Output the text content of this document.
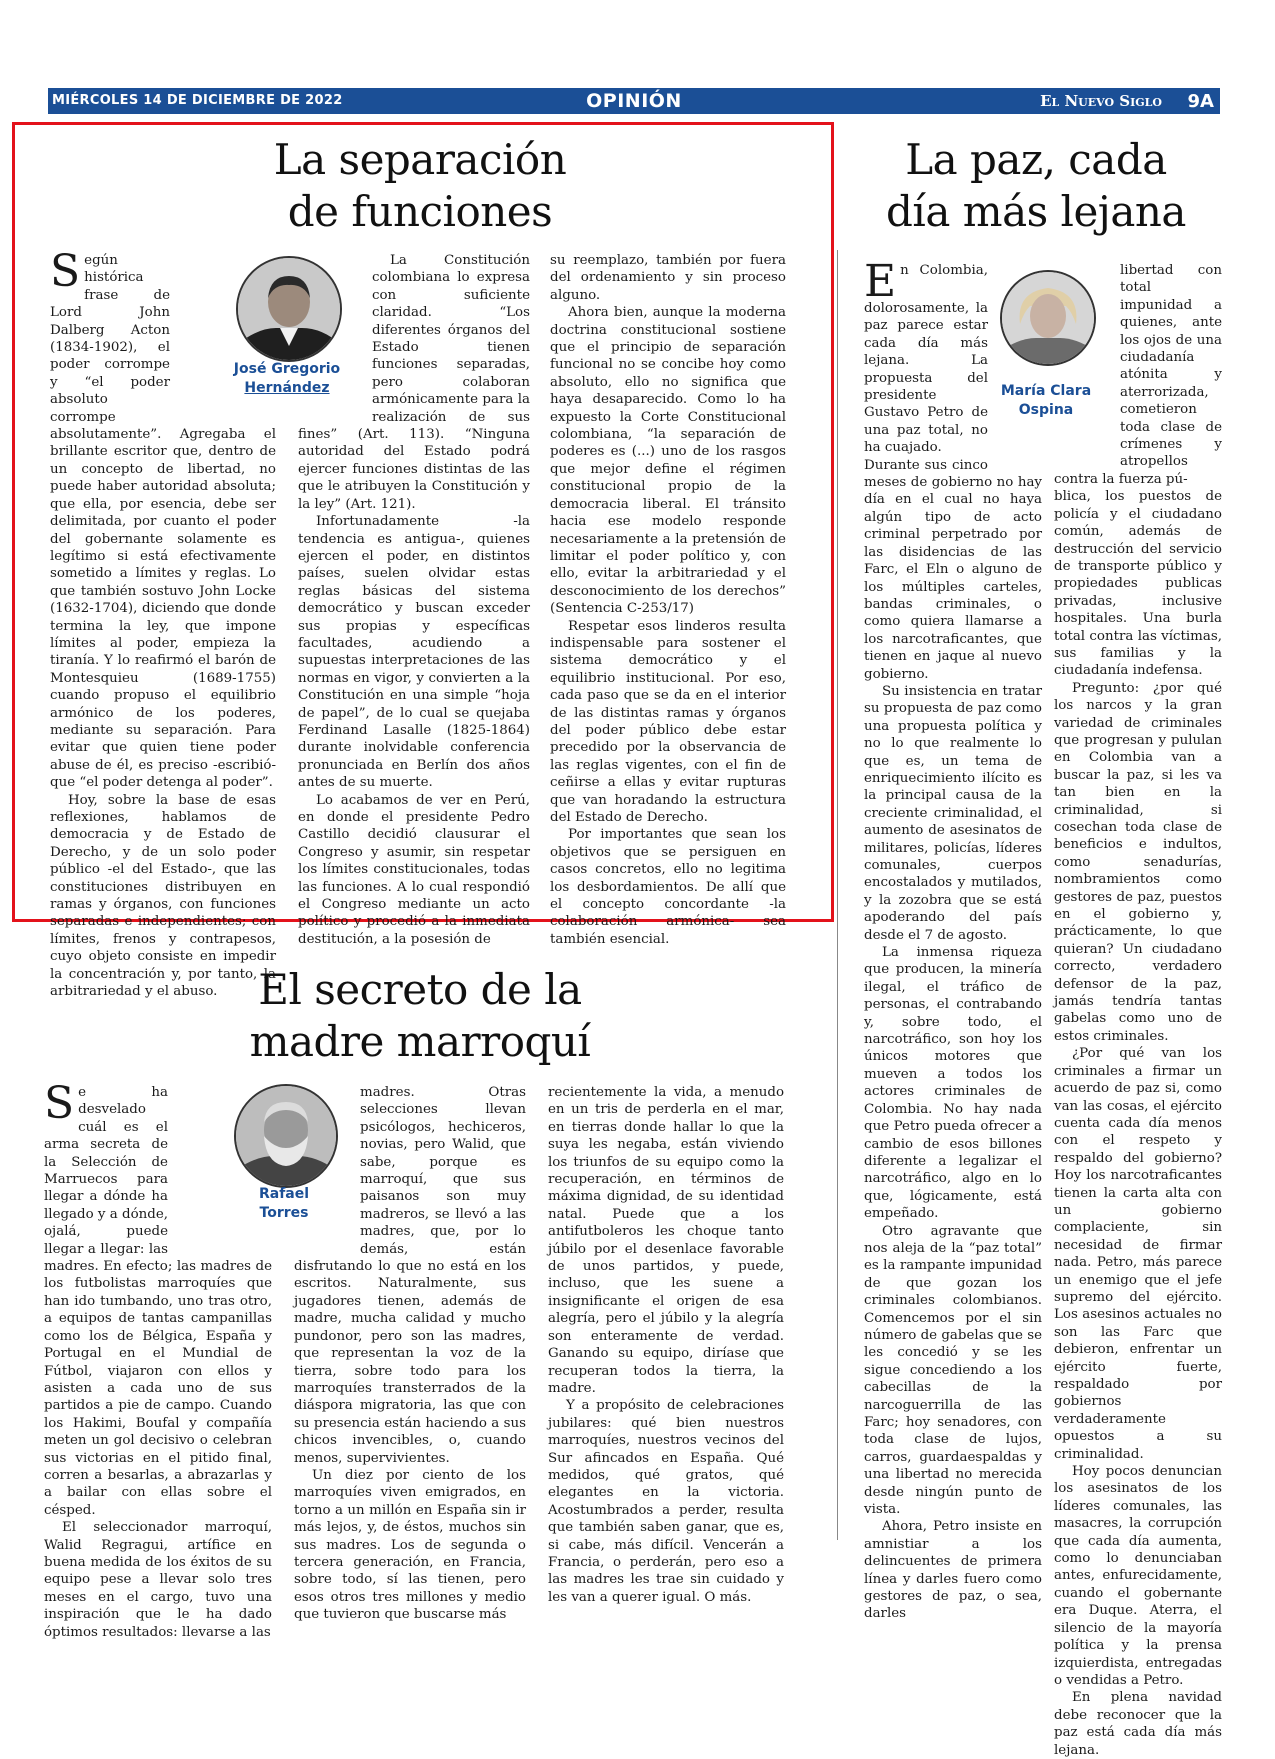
MIÉRCOLES 14 DE DICIEMBRE DE 2022	OPINIÓN	El Nuevo Siglo 9A
La separación
de funciones
José Gregorio
Hernández

Según histórica frase de Lord John Dalberg Acton (1834-1902), el poder corrompe y “el poder absoluto corrompe absolutamente”. Agregaba el brillante escritor que, dentro de un concepto de libertad, no puede haber autoridad absoluta; que ella, por esencia, debe ser delimitada, por cuanto el poder del gobernante solamente es legítimo si está efectivamente sometido a límites y reglas. Lo que también sostuvo John Locke (1632-1704), diciendo que donde termina la ley, que impone límites al poder, empieza la tiranía. Y lo reafirmó el barón de Montesquieu (1689-1755) cuando propuso el equilibrio armónico de los poderes, mediante su separación. Para evitar que quien tiene poder abuse de él, es preciso -escribió- que “el poder detenga al poder”.

Hoy, sobre la base de esas reflexiones, hablamos de democracia y de Estado de Derecho, y de un solo poder público -el del Estado-, que las constituciones distribuyen en ramas y órganos, con funciones separadas e independientes; con límites, frenos y contrapesos, cuyo objeto consiste en impedir la concentración y, por tanto, la arbitrariedad y el abuso.

La Constitución colombiana lo expresa con suficiente claridad. “Los diferentes órganos del Estado tienen funciones separadas, pero colaboran armónicamente para la realización de sus fines” (Art. 113). “Ninguna autoridad del Estado podrá ejercer funciones distintas de las que le atribuyen la Constitución y la ley” (Art. 121).

Infortunadamente -la tendencia es antigua-, quienes ejercen el poder, en distintos países, suelen olvidar estas reglas básicas del sistema democrático y buscan exceder sus propias y específicas facultades, acudiendo a supuestas interpretaciones de las normas en vigor, y convierten a la Constitución en una simple “hoja de papel”, de lo cual se quejaba Ferdinand Lasalle (1825-1864) durante inolvidable conferencia pronunciada en Berlín dos años antes de su muerte.

Lo acabamos de ver en Perú, en donde el presidente Pedro Castillo decidió clausurar el Congreso y asumir, sin respetar los límites constitucionales, todas las funciones. A lo cual respondió el Congreso mediante un acto político y procedió a la inmediata destitución, a la posesión de

su reemplazo, también por fuera del ordenamiento y sin proceso alguno.

Ahora bien, aunque la moderna doctrina constitucional sostiene que el principio de separación funcional no se concibe hoy como absoluto, ello no significa que haya desaparecido. Como lo ha expuesto la Corte Constitucional colombiana, “la separación de poderes es (...) uno de los rasgos que mejor define el régimen constitucional propio de la democracia liberal. El tránsito hacia ese modelo responde necesariamente a la pretensión de limitar el poder político y, con ello, evitar la arbitrariedad y el desconocimiento de los derechos” (Sentencia C-253/17)

Respetar esos linderos resulta indispensable para sostener el sistema democrático y el equilibrio institucional. Por eso, cada paso que se da en el interior de las distintas ramas y órganos del poder público debe estar precedido por la observancia de las reglas vigentes, con el fin de ceñirse a ellas y evitar rupturas que van horadando la estructura del Estado de Derecho.

Por importantes que sean los objetivos que se persiguen en casos concretos, ello no legitima los desbordamientos. De allí que el concepto concordante -la colaboración armónica- sea también esencial.

El secreto de la
madre marroquí
Rafael
Torres

Se ha desvelado cuál es el arma secreta de la Selección de Marruecos para llegar a dónde ha llegado y a dónde, ojalá, puede llegar a llegar: las madres. En efecto; las madres de los futbolistas marroquíes que han ido tumbando, uno tras otro, a equipos de tantas campanillas como los de Bélgica, España y Portugal en el Mundial de Fútbol, viajaron con ellos y asisten a cada uno de sus partidos a pie de campo. Cuando los Hakimi, Boufal y compañía meten un gol decisivo o celebran sus victorias en el pitido final, corren a besarlas, a abrazarlas y a bailar con ellas sobre el césped.

El seleccionador marroquí, Walid Regragui, artífice en buena medida de los éxitos de su equipo pese a llevar solo tres meses en el cargo, tuvo una inspiración que le ha dado óptimos resultados: llevarse a las

madres. Otras selecciones llevan psicólogos, hechiceros, novias, pero Walid, que sabe, porque es marroquí, que sus paisanos son muy madreros, se llevó a las madres, que, por lo demás, están disfrutando lo que no está en los escritos. Naturalmente, sus jugadores tienen, además de madre, mucha calidad y mucho pundonor, pero son las madres, que representan la voz de la tierra, sobre todo para los marroquíes transterrados de la diáspora migratoria, las que con su presencia están haciendo a sus chicos invencibles, o, cuando menos, supervivientes.

Un diez por ciento de los marroquíes viven emigrados, en torno a un millón en España sin ir más lejos, y, de éstos, muchos sin sus madres. Los de segunda o tercera generación, en Francia, sobre todo, sí las tienen, pero esos otros tres millones y medio que tuvieron que buscarse más

recientemente la vida, a menudo en un tris de perderla en el mar, en tierras donde hallar lo que la suya les negaba, están viviendo los triunfos de su equipo como la recuperación, en términos de máxima dignidad, de su identidad natal. Puede que a los antifutboleros les choque tanto júbilo por el desenlace favorable de unos partidos, y puede, incluso, que les suene a insignificante el origen de esa alegría, pero el júbilo y la alegría son enteramente de verdad. Ganando su equipo, diríase que recuperan todos la tierra, la madre.

Y a propósito de celebraciones jubilares: qué bien nuestros marroquíes, nuestros vecinos del Sur afincados en España. Qué medidos, qué gratos, qué elegantes en la victoria. Acostumbrados a perder, resulta que también saben ganar, que es, si cabe, más difícil. Vencerán a Francia, o perderán, pero eso a las madres les trae sin cuidado y les van a querer igual. O más.

La paz, cada
día más lejana
María Clara
Ospina

En Colombia, dolorosamente, la paz parece estar cada día más lejana. La propuesta del presidente Gustavo Petro de una paz total, no ha cuajado.

Durante sus cinco meses de gobierno no hay día en el cual no haya algún tipo de acto criminal perpetrado por las disidencias de las Farc, el Eln o alguno de los múltiples carteles, bandas criminales, o como quiera llamarse a los narcotraficantes, que tienen en jaque al nuevo gobierno.

Su insistencia en tratar su propuesta de paz como una propuesta política y no lo que realmente lo que es, un tema de enriquecimiento ilícito es la principal causa de la creciente criminalidad, el aumento de asesinatos de militares, policías, líderes comunales, cuerpos encostalados y mutilados, y la zozobra que se está apoderando del país desde el 7 de agosto.

La inmensa riqueza que producen, la minería ilegal, el tráfico de personas, el contrabando y, sobre todo, el narcotráfico, son hoy los únicos motores que mueven a todos los actores criminales de Colombia. No hay nada que Petro pueda ofrecer a cambio de esos billones diferente a legalizar el narcotráfico, algo en lo que, lógicamente, está empeñado.

Otro agravante que nos aleja de la “paz total” es la rampante impunidad de que gozan los criminales colombianos. Comencemos por el sin número de gabelas que se les concedió y se les sigue concediendo a los cabecillas de la narcoguerrilla de las Farc; hoy senadores, con toda clase de lujos, carros, guardaespaldas y una libertad no merecida desde ningún punto de vista.

Ahora, Petro insiste en amnistiar a los delincuentes de primera línea y darles fuero como gestores de paz, o sea, darles

libertad con total impunidad a quienes, ante los ojos de una ciudadanía atónita y aterrorizada, cometieron toda clase de crímenes y atropellos contra la fuerza pú-

blica, los puestos de policía y el ciudadano común, además de destrucción del servicio de transporte público y propiedades publicas privadas, inclusive hospitales. Una burla total contra las víctimas, sus familias y la ciudadanía indefensa.

Pregunto: ¿por qué los narcos y la gran variedad de criminales que progresan y pululan en Colombia van a buscar la paz, si les va tan bien en la criminalidad, si cosechan toda clase de beneficios e indultos, como senadurías, nombramientos como gestores de paz, puestos en el gobierno y, prácticamente, lo que quieran? Un ciudadano correcto, verdadero defensor de la paz, jamás tendría tantas gabelas como uno de estos criminales.

¿Por qué van los criminales a firmar un acuerdo de paz si, como van las cosas, el ejército cuenta cada día menos con el respeto y respaldo del gobierno? Hoy los narcotraficantes tienen la carta alta con un gobierno complaciente, sin necesidad de firmar nada. Petro, más parece un enemigo que el jefe supremo del ejército. Los asesinos actuales no son las Farc que debieron, enfrentar un ejército fuerte, respaldado por gobiernos verdaderamente opuestos a su criminalidad.

Hoy pocos denuncian los asesinatos de los líderes comunales, las masacres, la corrupción que cada día aumenta, como lo denunciaban antes, enfurecidamente, cuando el gobernante era Duque. Aterra, el silencio de la mayoría política y la prensa izquierdista, entregadas o vendidas a Petro.

En plena navidad debe reconocer que la paz está cada día más lejana.
